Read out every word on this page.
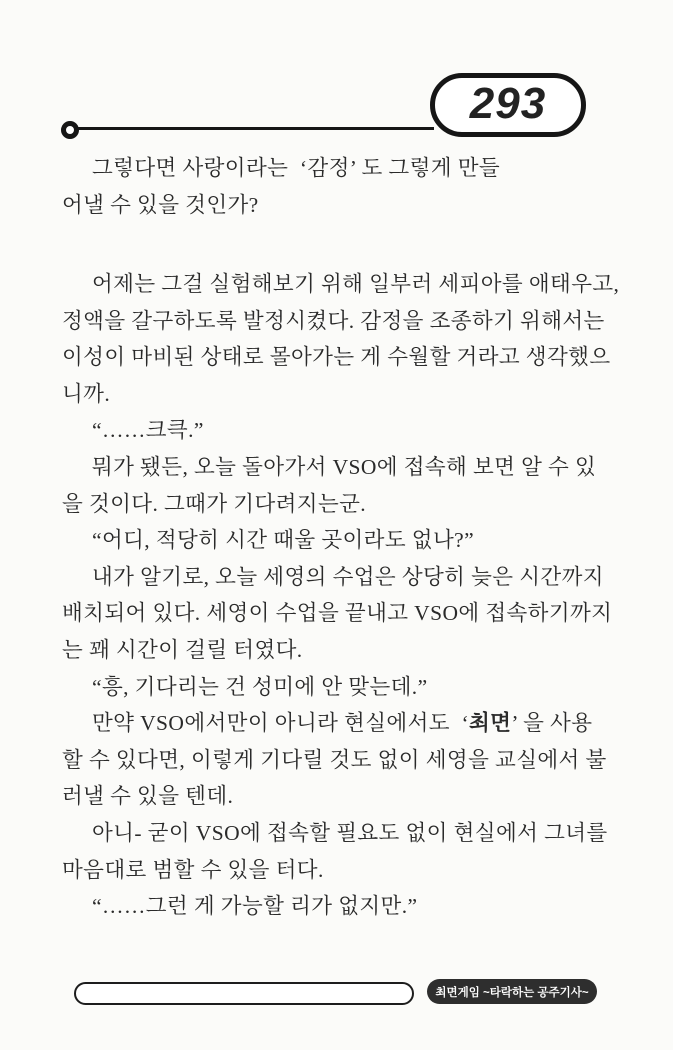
293
그렇다면 사랑이라는  ‘감정’ 도 그렇게 만들
어낼 수 있을 것인가?
어제는 그걸 실험해보기 위해 일부러 세피아를 애태우고,
정액을 갈구하도록 발정시켰다. 감정을 조종하기 위해서는
이성이 마비된 상태로 몰아가는 게 수월할 거라고 생각했으
니까.
“……크큭.”
뭐가 됐든, 오늘 돌아가서 VSO에 접속해 보면 알 수 있
을 것이다. 그때가 기다려지는군.
“어디, 적당히 시간 때울 곳이라도 없나?”
내가 알기로, 오늘 세영의 수업은 상당히 늦은 시간까지
배치되어 있다. 세영이 수업을 끝내고 VSO에 접속하기까지
는 꽤 시간이 걸릴 터였다.
“흥, 기다리는 건 성미에 안 맞는데.”
만약 VSO에서만이 아니라 현실에서도  ‘최면’ 을 사용
할 수 있다면, 이렇게 기다릴 것도 없이 세영을 교실에서 불
러낼 수 있을 텐데.
아니- 굳이 VSO에 접속할 필요도 없이 현실에서 그녀를
마음대로 범할 수 있을 터다.
“……그런 게 가능할 리가 없지만.”
최면게임 ~타락하는 공주기사~
